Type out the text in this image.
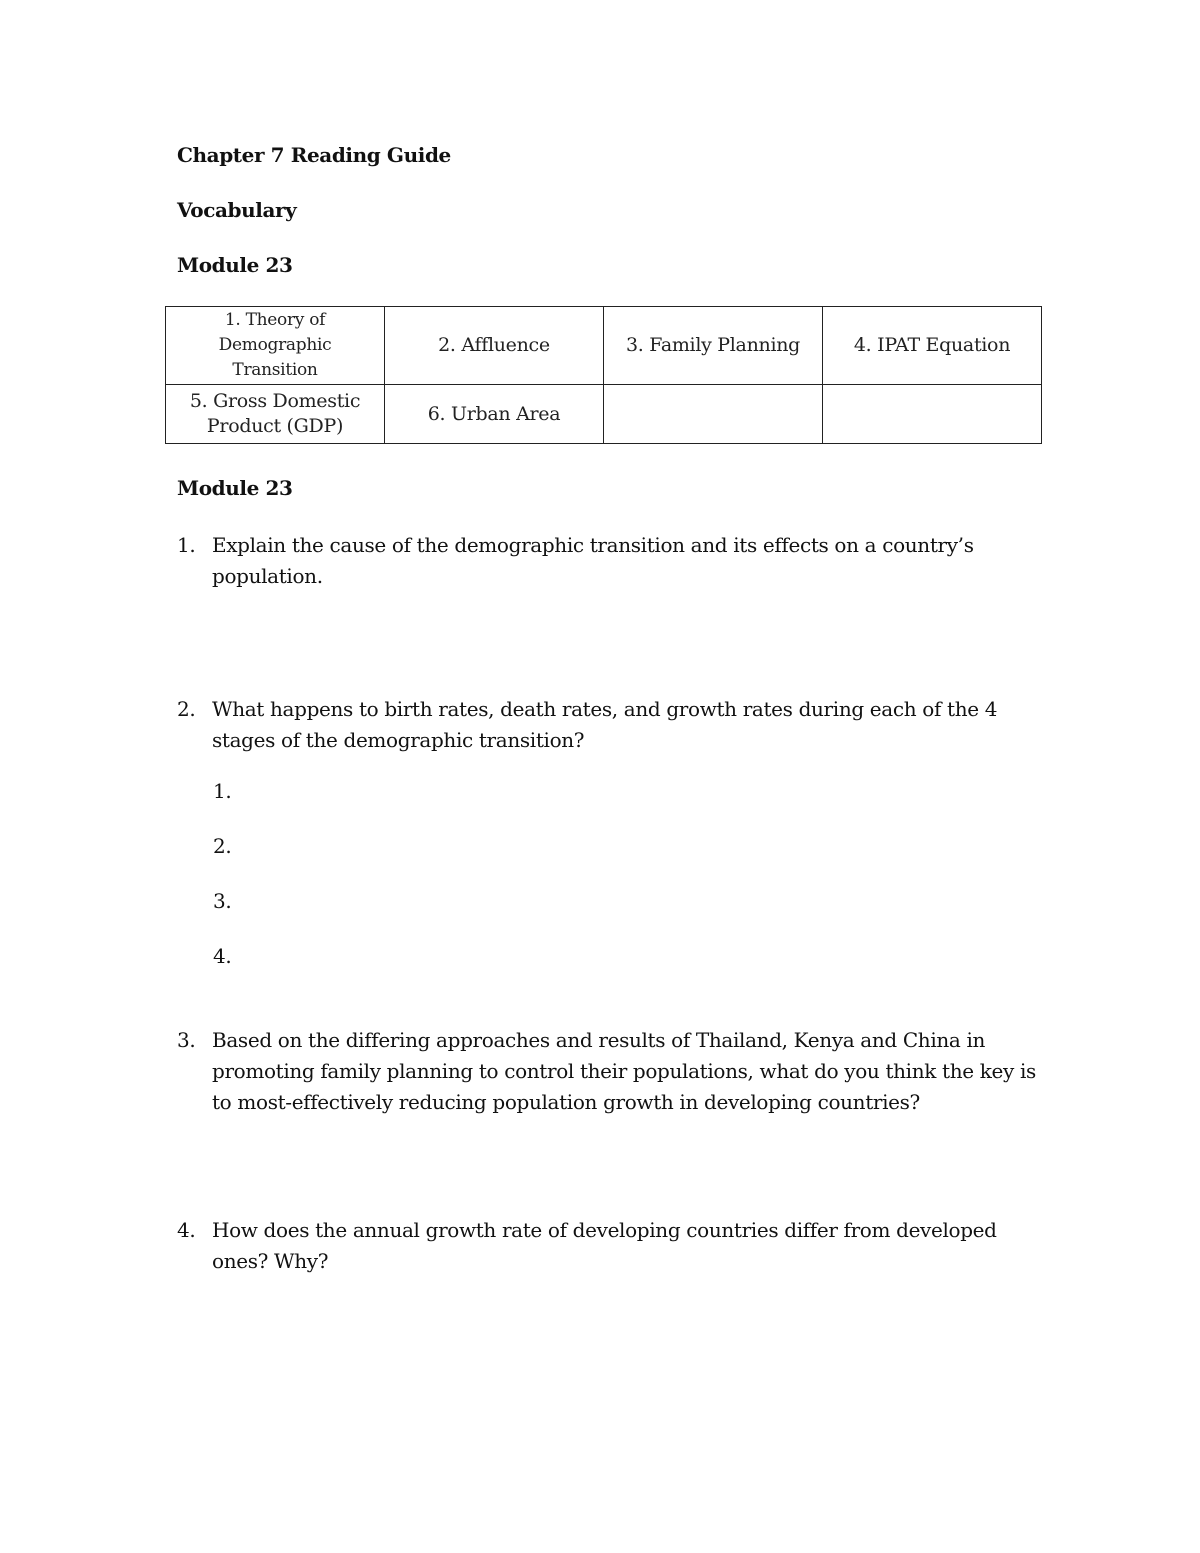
Chapter 7 Reading Guide
Vocabulary
Module 23
1. Theory of Demographic Transition	2. Affluence	3. Family Planning	4. IPAT Equation
5. Gross Domestic Product (GDP)	6. Urban Area		
Module 23
1. Explain the cause of the demographic transition and its effects on a country’s population.
2. What happens to birth rates, death rates, and growth rates during each of the 4 stages of the demographic transition?
1.
2.
3.
4.
3. Based on the differing approaches and results of Thailand, Kenya and China in promoting family planning to control their populations, what do you think the key is to most-effectively reducing population growth in developing countries?
4. How does the annual growth rate of developing countries differ from developed ones? Why?
